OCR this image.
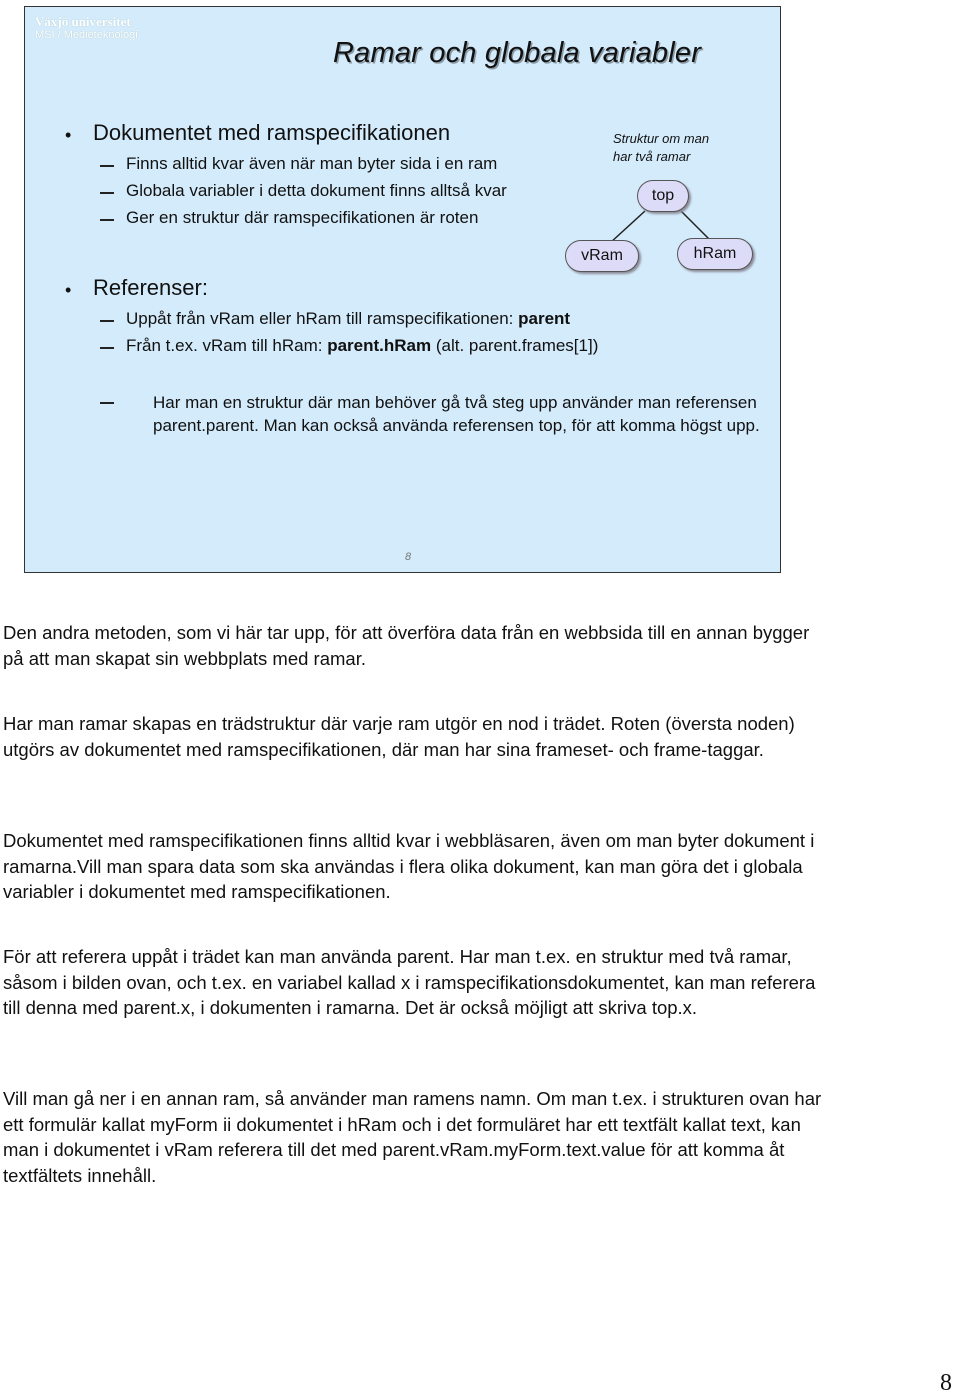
Växjö universitet
MSI / Medieteknologi
Ramar och globala variabler
• Dokumentet med ramspecifikationen
Finns alltid kvar även när man byter sida i en ram
Globala variabler i detta dokument finns alltså kvar
Ger en struktur där ramspecifikationen är roten
• Referenser:
Uppåt från vRam eller hRam till ramspecifikationen: parent
Från t.ex. vRam till hRam: parent.hRam (alt. parent.frames[1])
Har man en struktur där man behöver gå två steg upp använder man referensen parent.parent. Man kan också använda referensen top, för att komma högst upp.
Struktur om man
har två ramar
top
vRam	hRam
8
Den andra metoden, som vi här tar upp, för att överföra data från en webbsida till en annan bygger på att man skapat sin webbplats med ramar.
Har man ramar skapas en trädstruktur där varje ram utgör en nod i trädet. Roten (översta noden) utgörs av dokumentet med ramspecifikationen, där man har sina frameset- och frame-taggar.
Dokumentet med ramspecifikationen finns alltid kvar i webbläsaren, även om man byter dokument i ramarna.Vill man spara data som ska användas i flera olika dokument, kan man göra det i globala variabler i dokumentet med ramspecifikationen.
För att referera uppåt i trädet kan man använda parent. Har man t.ex. en struktur med två ramar, såsom i bilden ovan, och t.ex. en variabel kallad x i ramspecifikationsdokumentet, kan man referera till denna med parent.x, i dokumenten i ramarna. Det är också möjligt att skriva top.x.
Vill man gå ner i en annan ram, så använder man ramens namn. Om man t.ex. i strukturen ovan har ett formulär kallat myForm ii dokumentet i hRam och i det formuläret har ett textfält kallat text, kan man i dokumentet i vRam referera till det med parent.vRam.myForm.text.value för att komma åt textfältets innehåll.
8
